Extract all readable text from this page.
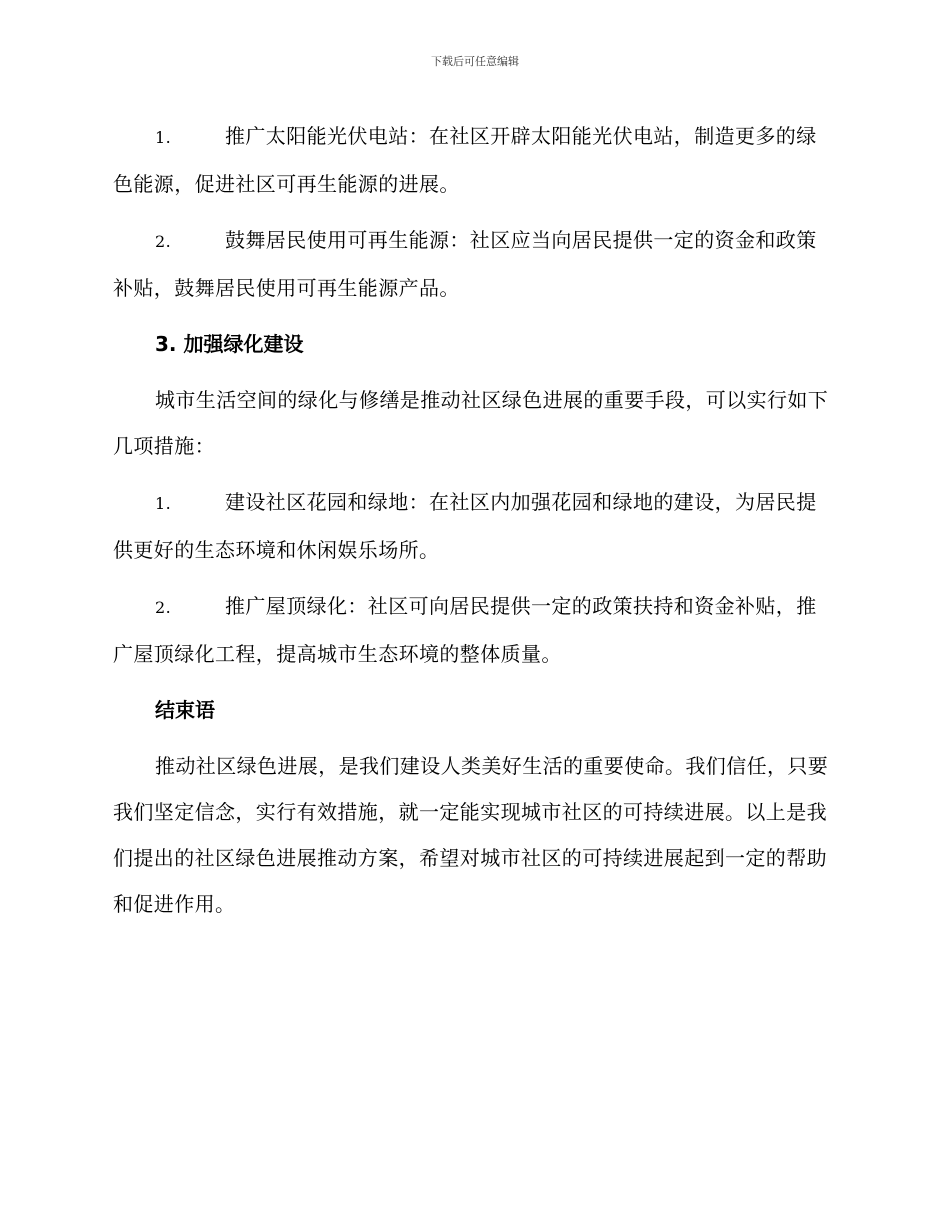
下载后可任意编辑
1.	推广太阳能光伏电站：在社区开辟太阳能光伏电站，制造更多的绿色能源，促进社区可再生能源的进展。
2.	鼓舞居民使用可再生能源：社区应当向居民提供一定的资金和政策补贴，鼓舞居民使用可再生能源产品。
3. 加强绿化建设

城市生活空间的绿化与修缮是推动社区绿色进展的重要手段，可以实行如下几项措施：

1.	建设社区花园和绿地：在社区内加强花园和绿地的建设，为居民提供更好的生态环境和休闲娱乐场所。
2.	推广屋顶绿化：社区可向居民提供一定的政策扶持和资金补贴，推广屋顶绿化工程，提高城市生态环境的整体质量。
结束语

推动社区绿色进展，是我们建设人类美好生活的重要使命。我们信任，只要我们坚定信念，实行有效措施，就一定能实现城市社区的可持续进展。以上是我们提出的社区绿色进展推动方案，希望对城市社区的可持续进展起到一定的帮助和促进作用。
